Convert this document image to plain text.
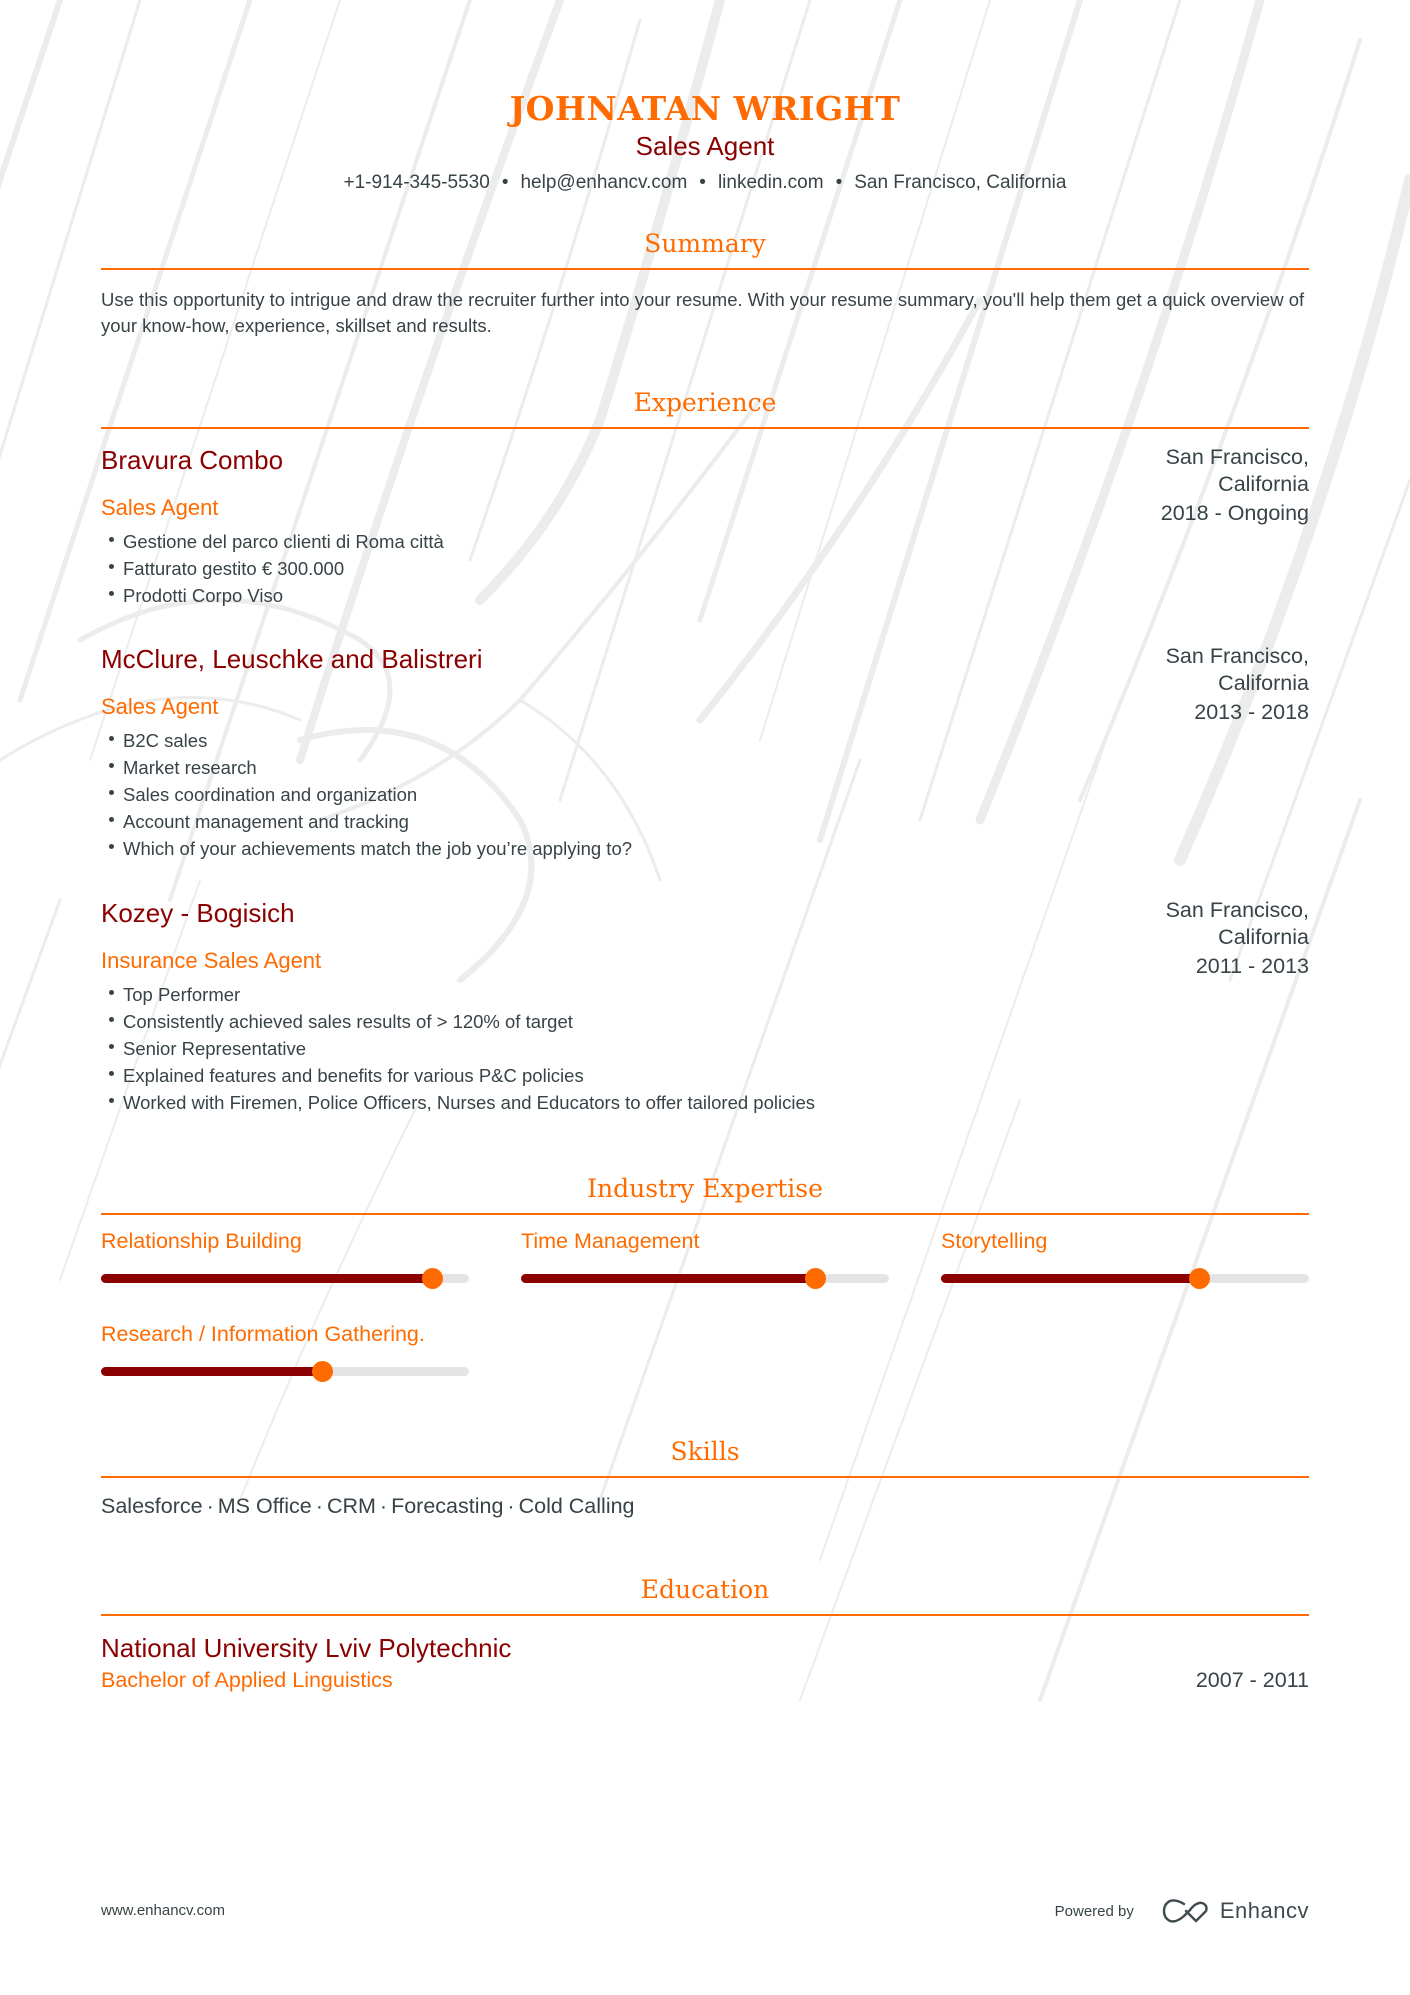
JOHNATAN WRIGHT
Sales Agent
+1-914-345-5530 • help@enhancv.com • linkedin.com • San Francisco, California
Summary
Use this opportunity to intrigue and draw the recruiter further into your resume. With your resume summary, you'll help them get a quick overview of your know-how, experience, skillset and results.
Experience
Bravura Combo
Sales Agent
Gestione del parco clienti di Roma città
Fatturato gestito € 300.000
Prodotti Corpo Viso
San Francisco, California
2018 - Ongoing
McClure, Leuschke and Balistreri
Sales Agent
B2C sales
Market research
Sales coordination and organization
Account management and tracking
Which of your achievements match the job you’re applying to?
San Francisco, California
2013 - 2018
Kozey - Bogisich
Insurance Sales Agent
Top Performer
Consistently achieved sales results of > 120% of target
Senior Representative
Explained features and benefits for various P&C policies
Worked with Firemen, Police Officers, Nurses and Educators to offer tailored policies
San Francisco, California
2011 - 2013
Industry Expertise
Relationship Building	Time Management	Storytelling
Research / Information Gathering.
Skills
Salesforce · MS Office · CRM · Forecasting · Cold Calling
Education
National University Lviv Polytechnic
Bachelor of Applied Linguistics	2007 - 2011
www.enhancv.com	Powered by	Enhancv
